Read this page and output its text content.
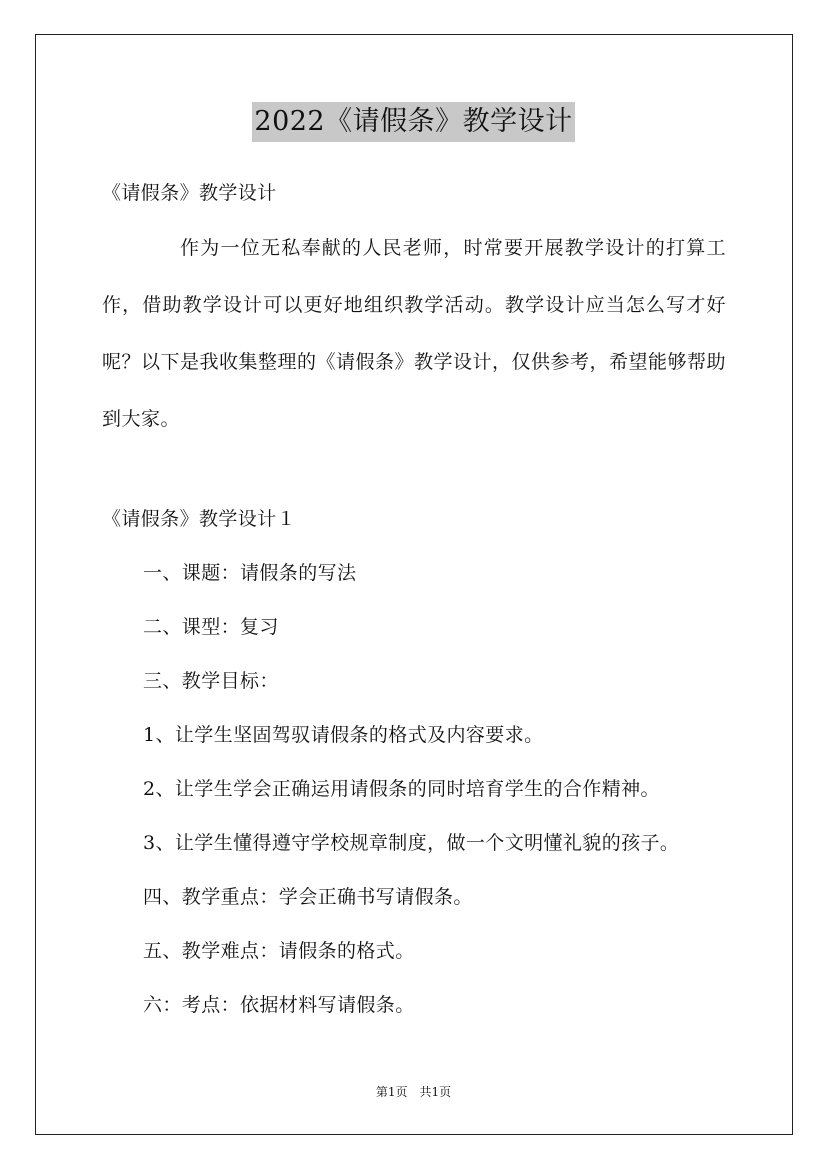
2022《请假条》教学设计
《请假条》教学设计
作为一位无私奉献的人民老师，时常要开展教学设计的打算工作，借助教学设计可以更好地组织教学活动。教学设计应当怎么写才好呢？以下是我收集整理的《请假条》教学设计，仅供参考，希望能够帮助到大家。
《请假条》教学设计１
一、课题：请假条的写法
二、课型：复习
三、教学目标：
1、让学生坚固驾驭请假条的格式及内容要求。
2、让学生学会正确运用请假条的同时培育学生的合作精神。
3、让学生懂得遵守学校规章制度，做一个文明懂礼貌的孩子。
四、教学重点：学会正确书写请假条。
五、教学难点：请假条的格式。
六：考点：依据材料写请假条。
第1页　共1页
